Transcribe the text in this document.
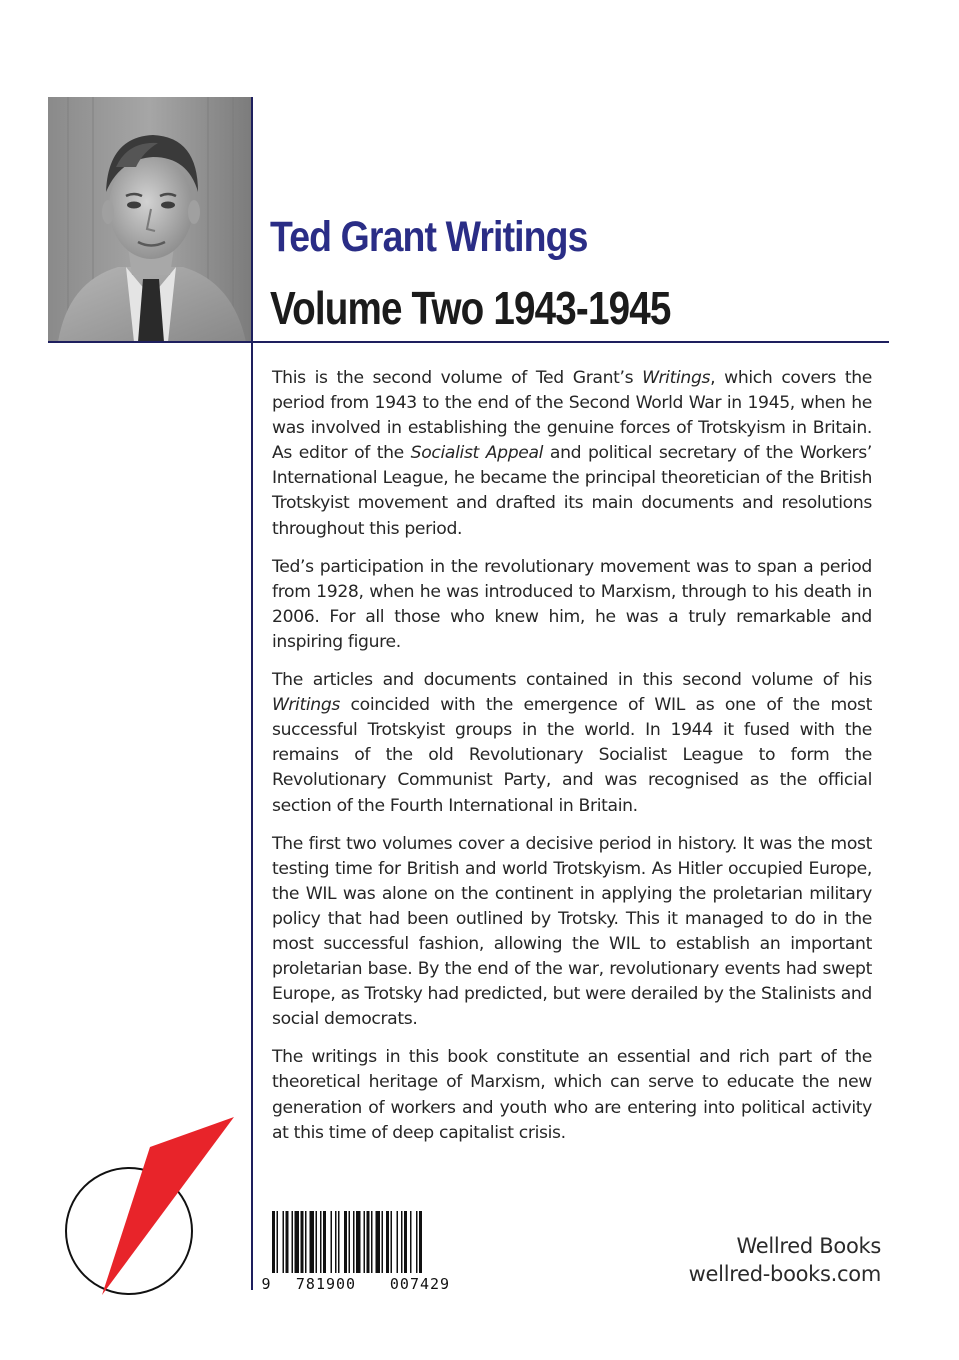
Ted Grant Writings
Volume Two 1943-1945

This is the second volume of Ted Grant’s Writings, which covers the period from 1943 to the end of the Second World War in 1945, when he was involved in establishing the genuine forces of Trotskyism in Britain. As editor of the Socialist Appeal and political secretary of the Workers’ International League, he became the principal theoretician of the British Trotskyist movement and drafted its main documents and resolutions throughout this period.

Ted’s participation in the revolutionary movement was to span a period from 1928, when he was introduced to Marxism, through to his death in 2006. For all those who knew him, he was a truly remarkable and inspiring figure.

The articles and documents contained in this second volume of his Writings coincided with the emergence of WIL as one of the most successful Trotskyist groups in the world. In 1944 it fused with the remains of the old Revolutionary Socialist League to form the Revolutionary Communist Party, and was recognised as the official section of the Fourth International in Britain.

The first two volumes cover a decisive period in history. It was the most testing time for British and world Trotskyism. As Hitler occupied Europe, the WIL was alone on the continent in applying the proletarian military policy that had been outlined by Trotsky. This it managed to do in the most successful fashion, allowing the WIL to establish an important proletarian base. By the end of the war, revolutionary events had swept Europe, as Trotsky had predicted, but were derailed by the Stalinists and social democrats.

The writings in this book constitute an essential and rich part of the theoretical heritage of Marxism, which can serve to educate the new generation of workers and youth who are entering into political activity at this time of deep capitalist crisis.

9 781900 007429
Wellred Books
wellred-books.com
